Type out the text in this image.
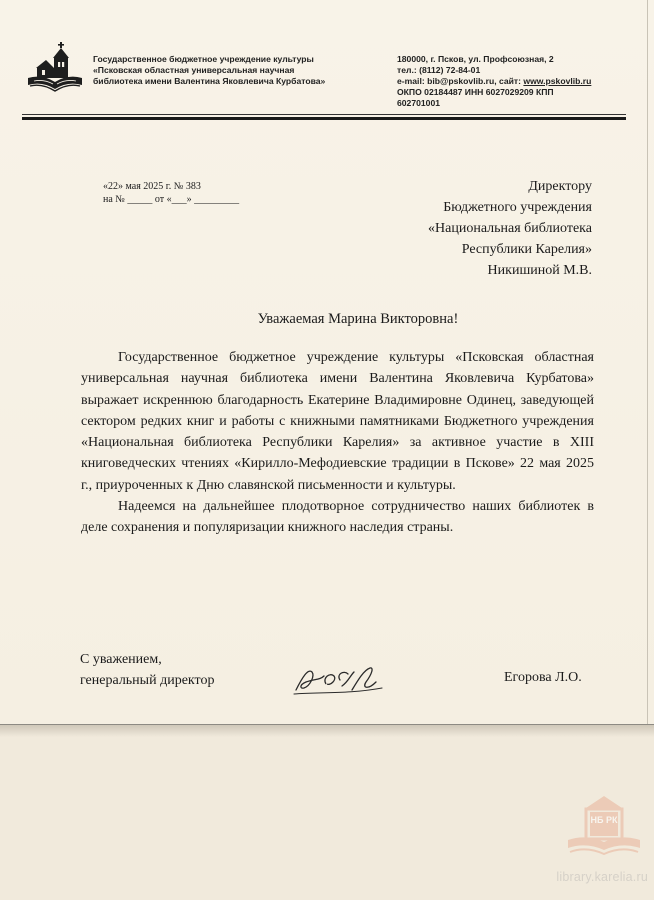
Государственное бюджетное учреждение культуры
«Псковская областная универсальная научная
библиотека имени Валентина Яковлевича Курбатова»
180000, г. Псков, ул. Профсоюзная, 2
тел.: (8112) 72-84-01
e-mail: bib@pskovlib.ru, сайт: www.pskovlib.ru
ОКПО 02184487 ИНН 6027029209 КПП
602701001
«22» мая 2025 г. № 383
на № _____ от «___» _________
Директору
Бюджетного учреждения
«Национальная библиотека
Республики Карелия»
Никишиной М.В.
Уважаемая Марина Викторовна!

Государственное бюджетное учреждение культуры «Псковская областная универсальная научная библиотека имени Валентина Яковлевича Курбатова» выражает искреннюю благодарность Екатерине Владимировне Одинец, заведующей сектором редких книг и работы с книжными памятниками Бюджетного учреждения «Национальная библиотека Республики Карелия» за активное участие в XIII книговедческих чтениях «Кирилло-Мефодиевские традиции в Пскове» 22 мая 2025 г., приуроченных к Дню славянской письменности и культуры.

Надеемся на дальнейшее плодотворное сотрудничество наших библиотек в деле сохранения и популяризации книжного наследия страны.

С уважением,
генеральный директор	Егорова Л.О.
НБ РК
library.karelia.ru
